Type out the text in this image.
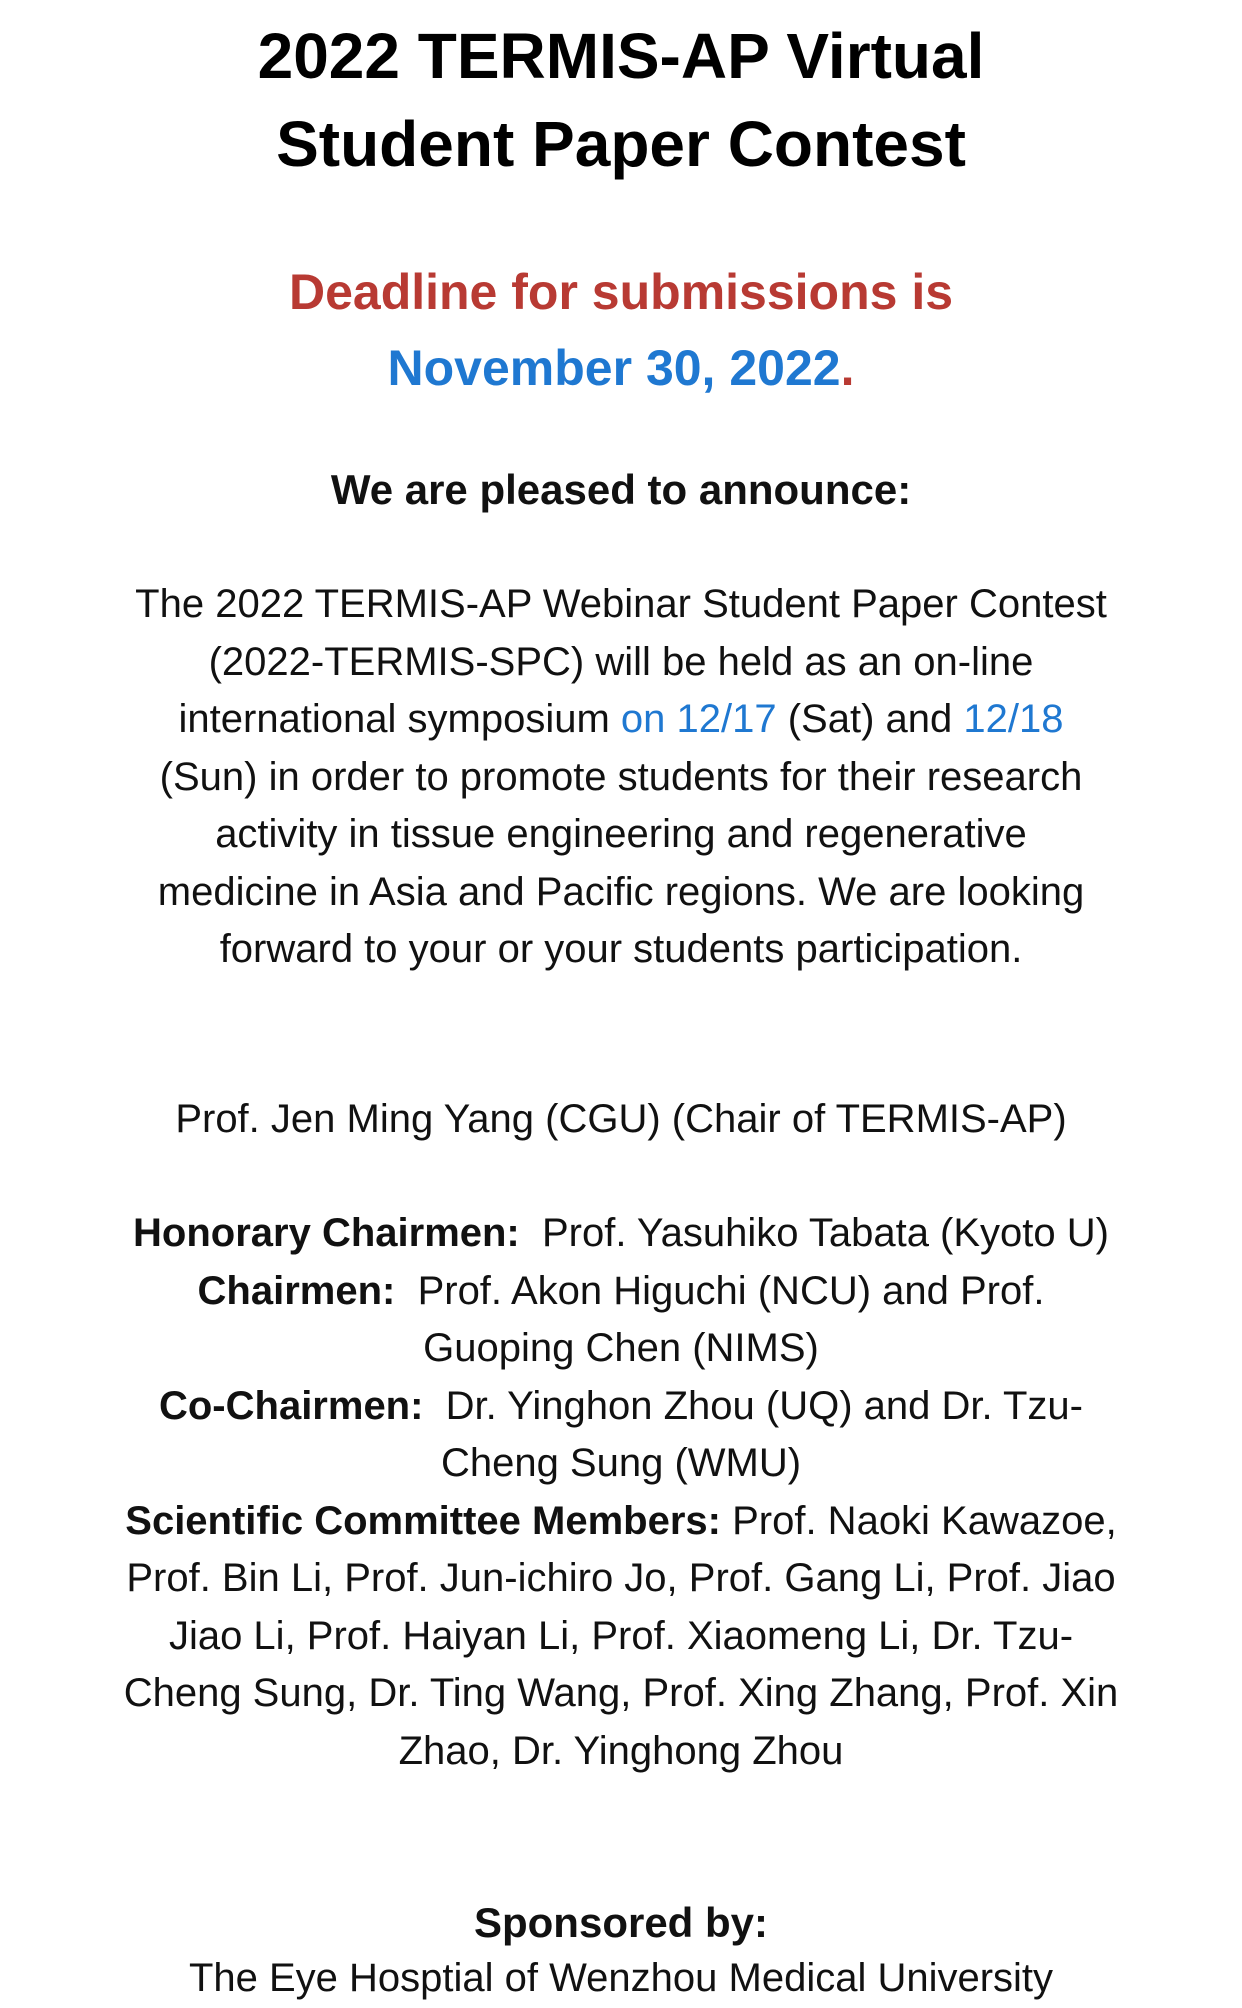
2022 TERMIS-AP Virtual
Student Paper Contest
Deadline for submissions is
November 30, 2022.
We are pleased to announce:
The 2022 TERMIS-AP Webinar Student Paper Contest (2022-TERMIS-SPC) will be held as an on-line international symposium on 12/17 (Sat) and 12/18 (Sun) in order to promote students for their research activity in tissue engineering and regenerative medicine in Asia and Pacific regions. We are looking forward to your or your students participation.
Prof. Jen Ming Yang (CGU) (Chair of TERMIS-AP)
Honorary Chairmen: Prof. Yasuhiko Tabata (Kyoto U)
Chairmen: Prof. Akon Higuchi (NCU) and Prof. Guoping Chen (NIMS)
Co-Chairmen: Dr. Yinghon Zhou (UQ) and Dr. Tzu-Cheng Sung (WMU)
Scientific Committee Members: Prof. Naoki Kawazoe, Prof. Bin Li, Prof. Jun-ichiro Jo, Prof. Gang Li, Prof. Jiao Jiao Li, Prof. Haiyan Li, Prof. Xiaomeng Li, Dr. Tzu-Cheng Sung, Dr. Ting Wang, Prof. Xing Zhang, Prof. Xin Zhao, Dr. Yinghong Zhou
Sponsored by:
The Eye Hosptial of Wenzhou Medical University
